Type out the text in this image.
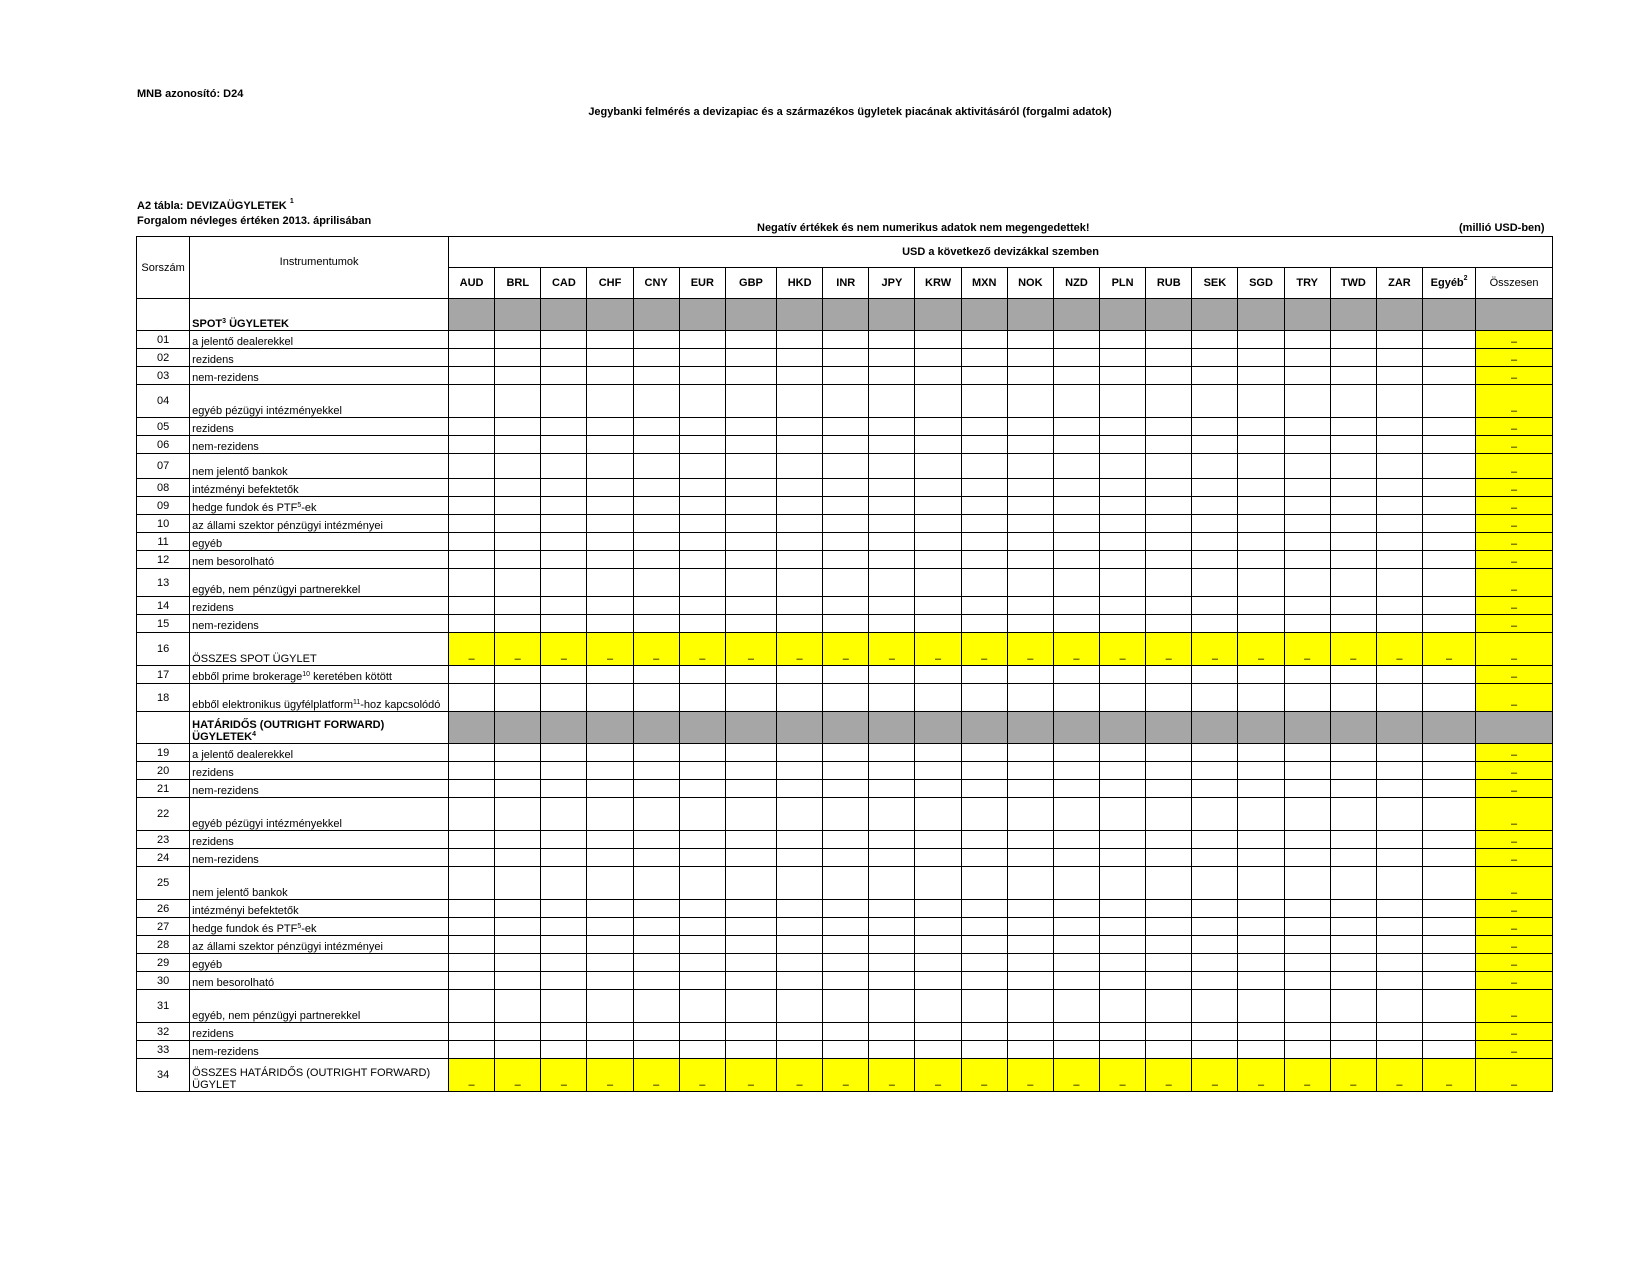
MNB azonosító: D24
Jegybanki felmérés a devizapiac és a származékos ügyletek piacának aktivitásáról (forgalmi adatok)
A2 tábla: DEVIZAÜGYLETEK $^1$
Forgalom névleges értéken 2013. áprilisában
Negatív értékek és nem numerikus adatok nem megengedettek!	(millió USD-ben)
Sorszám	Instrumentumok	USD a következő devizákkal szemben																						
		AUD	BRL	CAD	CHF	CNY	EUR	GBP	HKD	INR	JPY	KRW	MXN	NOK	NZD	PLN	RUB	SEK	SGD	TRY	TWD	ZAR	Egyéb$^2$	Összesen
	SPOT$^3$ ÜGYLETEK																							
01	a jelentő dealerekkel																							–
02	rezidens																							–
03	nem-rezidens																							–
04	egyéb pézügyi intézményekkel																							–
05	rezidens																							–
06	nem-rezidens																							–
07	nem jelentő bankok																							–
08	intézményi befektetők																							–
09	hedge fundok és PTF$^5$-ek																							–
10	az állami szektor pénzügyi intézményei																							–
11	egyéb																							–
12	nem besorolható																							–
13	egyéb, nem pénzügyi partnerekkel																							–
14	rezidens																							–
15	nem-rezidens																							–
16	ÖSSZES SPOT ÜGYLET	–	–	–	–	–	–	–	–	–	–	–	–	–	–	–	–	–	–	–	–	–	–	–
17	ebből prime brokerage$^{10}$ keretében kötött																							–
18	ebből elektronikus ügyfélplatform$^{11}$-hoz kapcsolódó																							–
	HATÁRIDŐS (OUTRIGHT FORWARD) ÜGYLETEK$^4$																							
19	a jelentő dealerekkel																							–
20	rezidens																							–
21	nem-rezidens																							–
22	egyéb pézügyi intézményekkel																							–
23	rezidens																							–
24	nem-rezidens																							–
25	nem jelentő bankok																							–
26	intézményi befektetők																							–
27	hedge fundok és PTF$^5$-ek																							–
28	az állami szektor pénzügyi intézményei																							–
29	egyéb																							–
30	nem besorolható																							–
31	egyéb, nem pénzügyi partnerekkel																							–
32	rezidens																							–
33	nem-rezidens																							–
34	ÖSSZES HATÁRIDŐS (OUTRIGHT FORWARD) ÜGYLET	–	–	–	–	–	–	–	–	–	–	–	–	–	–	–	–	–	–	–	–	–	–	–
